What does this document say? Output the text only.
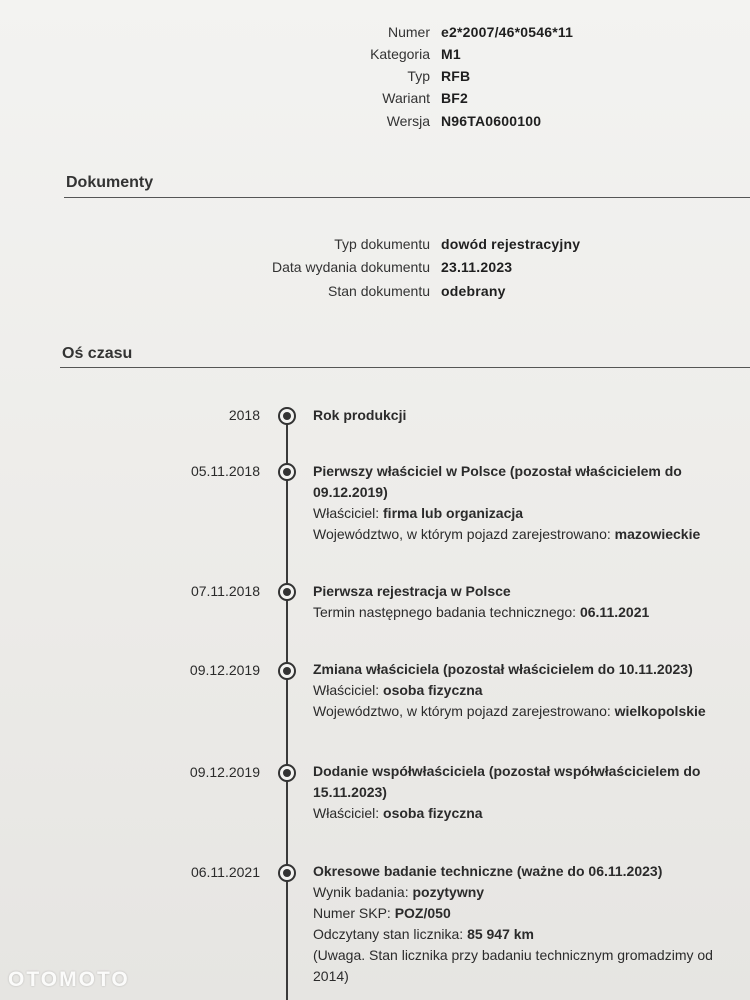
Numer e2*2007/46*0546*11
Kategoria M1
Typ RFB
Wariant BF2
Wersja N96TA0600100
Dokumenty
Typ dokumentu dowód rejestracyjny
Data wydania dokumentu 23.11.2023
Stan dokumentu odebrany
Oś czasu
2018	Rok produkcji
05.11.2018	Pierwszy właściciel w Polsce (pozostał właścicielem do
09.12.2019)
Właściciel: firma lub organizacja
Województwo, w którym pojazd zarejestrowano: mazowieckie
07.11.2018	Pierwsza rejestracja w Polsce
Termin następnego badania technicznego: 06.11.2021
09.12.2019	Zmiana właściciela (pozostał właścicielem do 10.11.2023)
Właściciel: osoba fizyczna
Województwo, w którym pojazd zarejestrowano: wielkopolskie
09.12.2019	Dodanie współwłaściciela (pozostał współwłaścicielem do
15.11.2023)
Właściciel: osoba fizyczna
06.11.2021	Okresowe badanie techniczne (ważne do 06.11.2023)
Wynik badania: pozytywny
Numer SKP: POZ/050
Odczytany stan licznika: 85 947 km
(Uwaga. Stan licznika przy badaniu technicznym gromadzimy od
2014)
OTOMOTO
